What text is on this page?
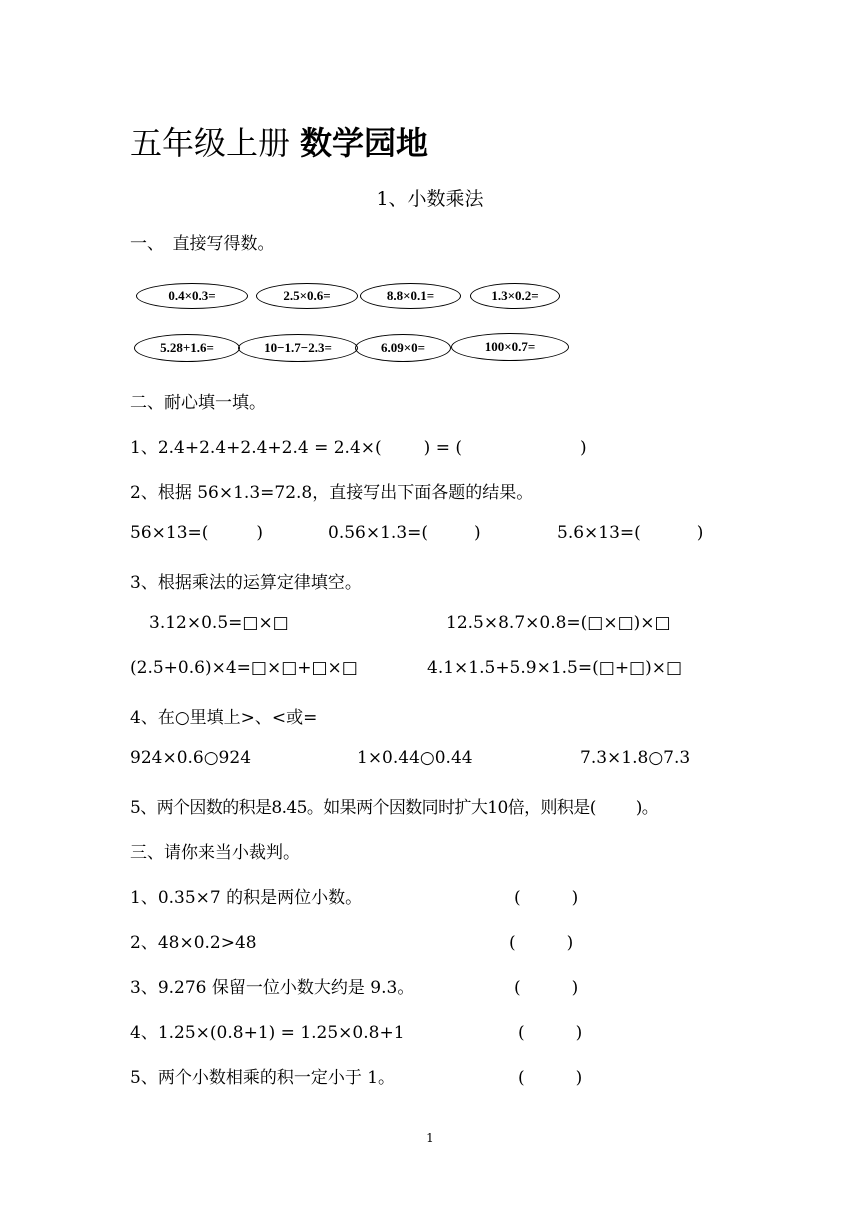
五年级上册 数学园地
1、小数乘法
一、　直接写得数。
0.4×0.3=	2.5×0.6=	8.8×0.1=	1.3×0.2=
5.28+1.6=	10−1.7−2.3=	6.09×0=	100×0.7=
二、耐心填一填。
1、2.4+2.4+2.4+2.4 = 2.4×( ) = (	)
2、根据 56×1.3=72.8，直接写出下面各题的结果。
56×13=(	)	0.56×1.3=(	)	5.6×13=(	)
3、根据乘法的运算定律填空。
3.12×0.5=□×□	12.5×8.7×0.8=(□×□)×□
(2.5+0.6)×4=□×□+□×□	4.1×1.5+5.9×1.5=(□+□)×□
4、在○里填上>、<或=
924×0.6○924	1×0.44○0.44	7.3×1.8○7.3
5、两个因数的积是8.45。如果两个因数同时扩大10倍，则积是( )。
三、请你来当小裁判。
1、0.35×7 的积是两位小数。	(　　　)
2、48×0.2>48	(　　　)
3、9.276 保留一位小数大约是 9.3。	(　　　)
4、1.25×(0.8+1) = 1.25×0.8+1	(　　　)
5、两个小数相乘的积一定小于 1。	(　　　)
1
